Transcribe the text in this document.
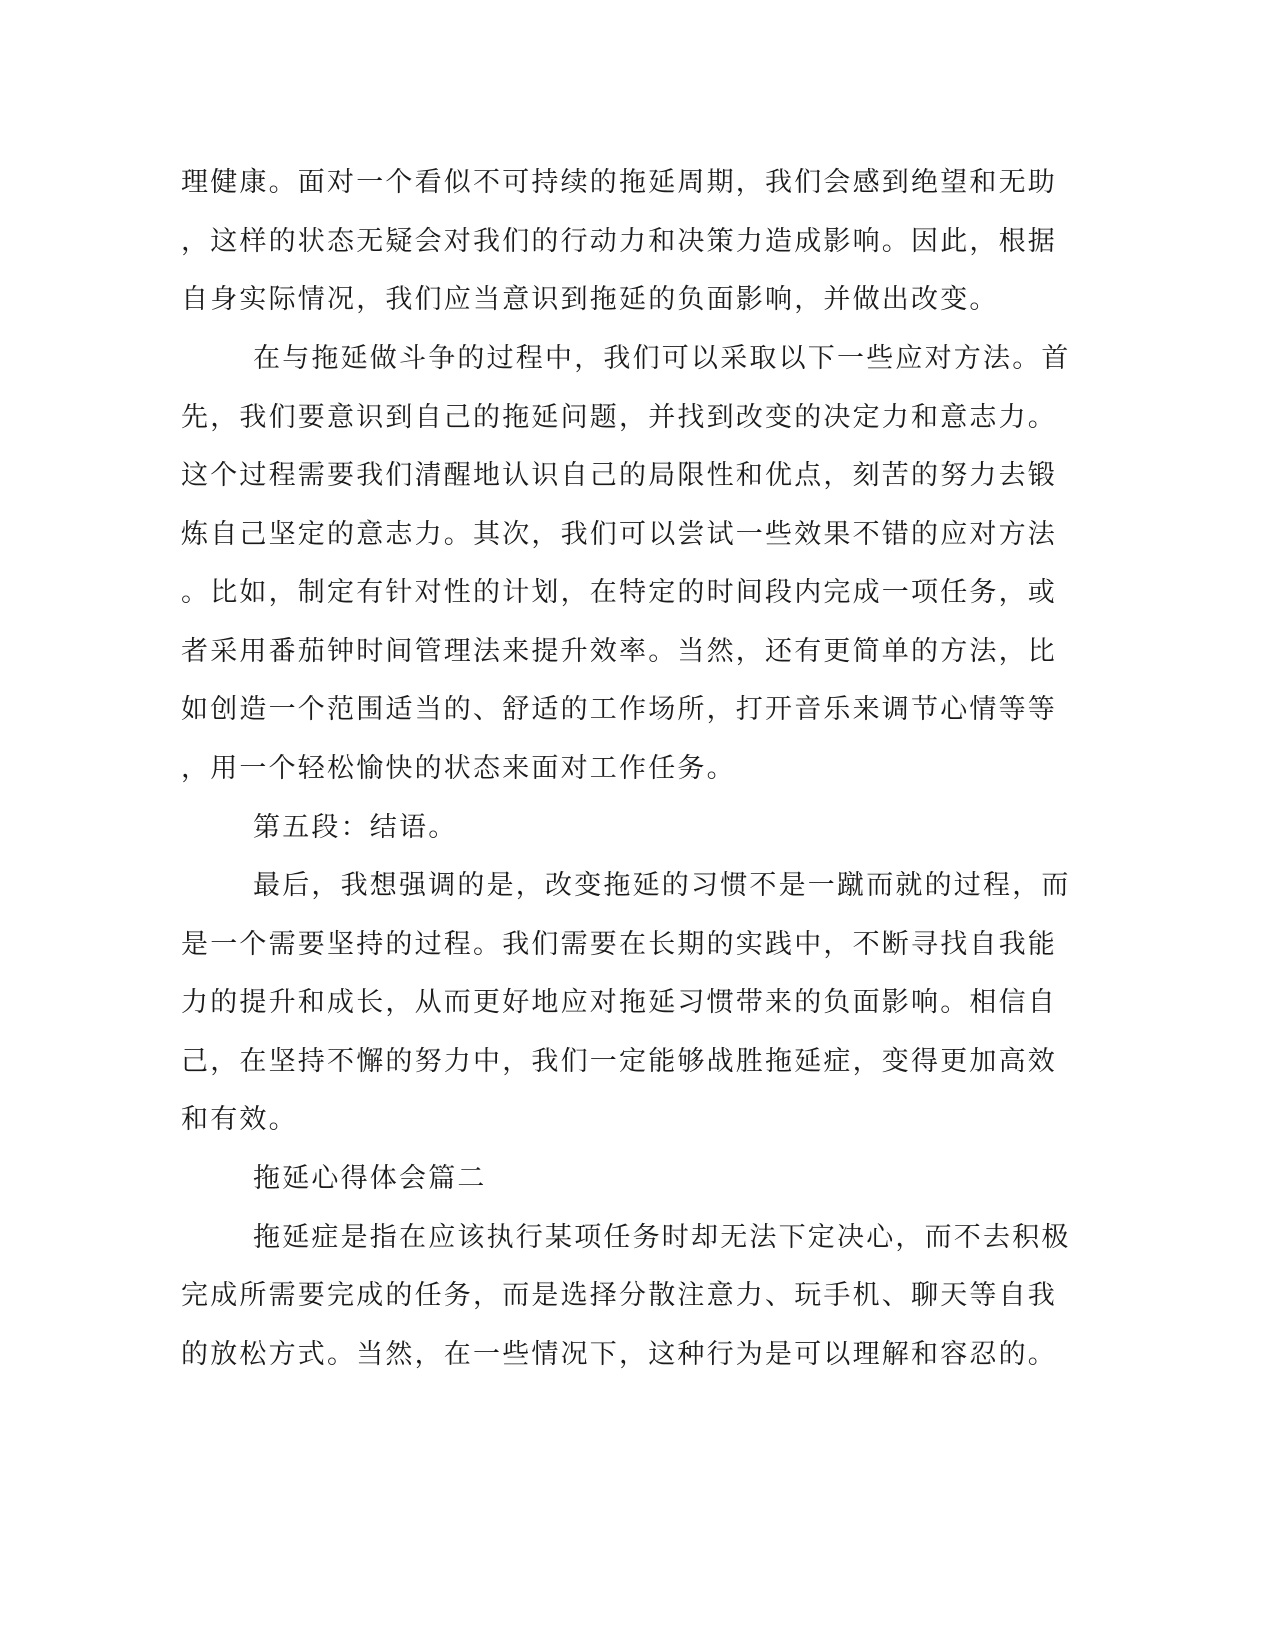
理健康。面对一个看似不可持续的拖延周期，我们会感到绝望和无助
，这样的状态无疑会对我们的行动力和决策力造成影响。因此，根据
自身实际情况，我们应当意识到拖延的负面影响，并做出改变。
在与拖延做斗争的过程中，我们可以采取以下一些应对方法。首
先，我们要意识到自己的拖延问题，并找到改变的决定力和意志力。
这个过程需要我们清醒地认识自己的局限性和优点，刻苦的努力去锻
炼自己坚定的意志力。其次，我们可以尝试一些效果不错的应对方法
。比如，制定有针对性的计划，在特定的时间段内完成一项任务，或
者采用番茄钟时间管理法来提升效率。当然，还有更简单的方法，比
如创造一个范围适当的、舒适的工作场所，打开音乐来调节心情等等
，用一个轻松愉快的状态来面对工作任务。
第五段：结语。
最后，我想强调的是，改变拖延的习惯不是一蹴而就的过程，而
是一个需要坚持的过程。我们需要在长期的实践中，不断寻找自我能
力的提升和成长，从而更好地应对拖延习惯带来的负面影响。相信自
己，在坚持不懈的努力中，我们一定能够战胜拖延症，变得更加高效
和有效。
拖延心得体会篇二
拖延症是指在应该执行某项任务时却无法下定决心，而不去积极
完成所需要完成的任务，而是选择分散注意力、玩手机、聊天等自我
的放松方式。当然，在一些情况下，这种行为是可以理解和容忍的。
